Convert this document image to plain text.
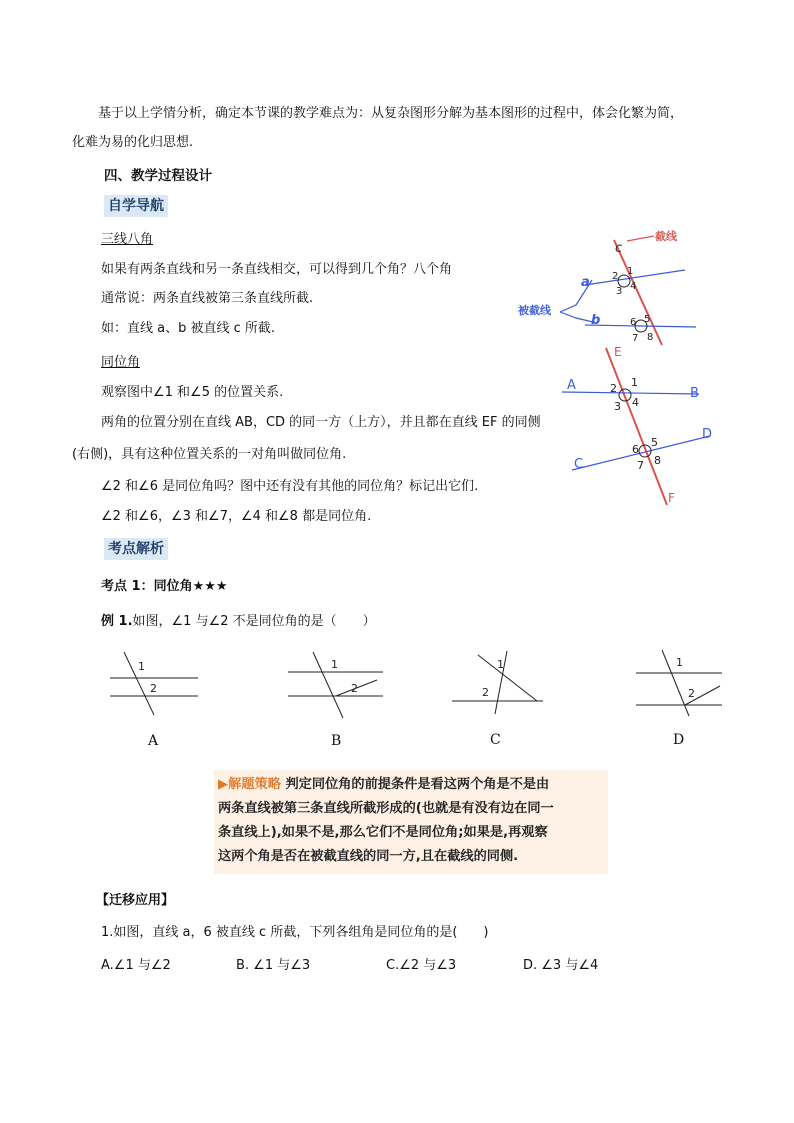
基于以上学情分析，确定本节课的教学难点为：从复杂图形分解为基本图形的过程中，体会化繁为简，
化难为易的化归思想.
四、教学过程设计
自学导航
三线八角
如果有两条直线和另一条直线相交，可以得到几个角？八个角
通常说：两条直线被第三条直线所截.
如：直线 a、b 被直线 c 所截.
同位角
观察图中∠1 和∠5 的位置关系.
两角的位置分别在直线 AB，CD 的同一方（上方），并且都在直线 EF 的同侧
(右侧)，具有这种位置关系的一对角叫做同位角.
∠2 和∠6 是同位角吗？图中还有没有其他的同位角？标记出它们.
∠2 和∠6，∠3 和∠7，∠4 和∠8 都是同位角.
c
截线
a
b
被截线
1
2
3 4
5
6
7 8
E
F
A
B
C
D
1
2
3 4
5
6
7 8
考点解析
考点 1：同位角★★★
例 1.如图，∠1 与∠2 不是同位角的是（　　）
1
2
1
2
1
2
1
2
A	B	C	D
▶解题策略 判定同位角的前提条件是看这两个角是不是由
两条直线被第三条直线所截形成的(也就是有没有边在同一
条直线上),如果不是,那么它们不是同位角;如果是,再观察
这两个角是否在被截直线的同一方,且在截线的同侧.
【迁移应用】
1.如图，直线 a，6 被直线 c 所截，下列各组角是同位角的是(　　)
A.∠1 与∠2	B. ∠1 与∠3	C.∠2 与∠3	D. ∠3 与∠4
